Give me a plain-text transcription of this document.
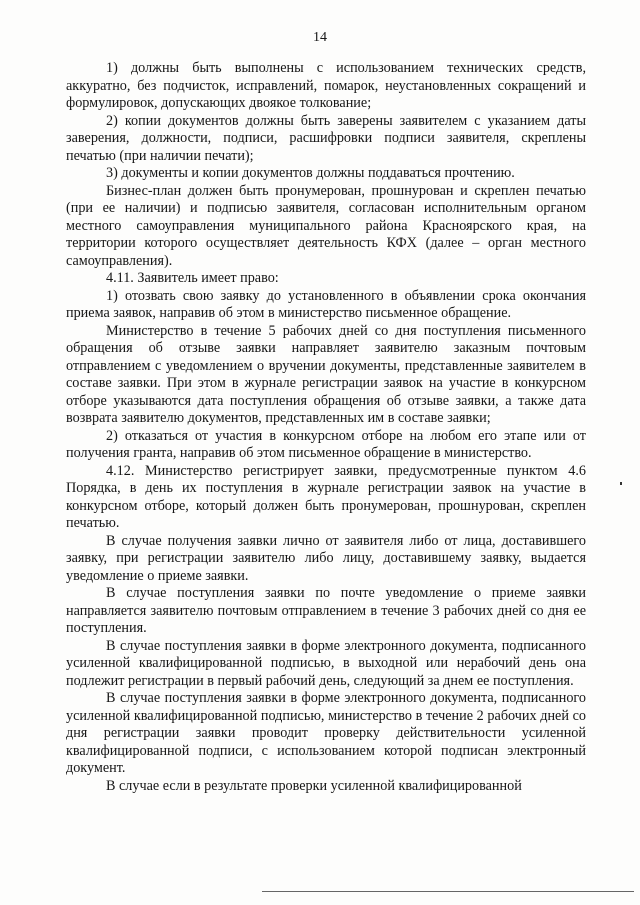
14

1) должны быть выполнены с использованием технических средств, аккуратно, без подчисток, исправлений, помарок, неустановленных сокращений и формулировок, допускающих двоякое толкование;

2) копии документов должны быть заверены заявителем с указанием даты заверения, должности, подписи, расшифровки подписи заявителя, скреплены печатью (при наличии печати);

3) документы и копии документов должны поддаваться прочтению.

Бизнес-план должен быть пронумерован, прошнурован и скреплен печатью (при ее наличии) и подписью заявителя, согласован исполнительным органом местного самоуправления муниципального района Красноярского края, на территории которого осуществляет деятельность КФХ (далее – орган местного самоуправления).

4.11. Заявитель имеет право:

1) отозвать свою заявку до установленного в объявлении срока окончания приема заявок, направив об этом в министерство письменное обращение.

Министерство в течение 5 рабочих дней со дня поступления письменного обращения об отзыве заявки направляет заявителю заказным почтовым отправлением с уведомлением о вручении документы, представленные заявителем в составе заявки. При этом в журнале регистрации заявок на участие в конкурсном отборе указываются дата поступления обращения об отзыве заявки, а также дата возврата заявителю документов, представленных им в составе заявки;

2) отказаться от участия в конкурсном отборе на любом его этапе или от получения гранта, направив об этом письменное обращение в министерство.

4.12. Министерство регистрирует заявки, предусмотренные пунктом 4.6 Порядка, в день их поступления в журнале регистрации заявок на участие в конкурсном отборе, который должен быть пронумерован, прошнурован, скреплен печатью.

В случае получения заявки лично от заявителя либо от лица, доставившего заявку, при регистрации заявителю либо лицу, доставившему заявку, выдается уведомление о приеме заявки.

В случае поступления заявки по почте уведомление о приеме заявки направляется заявителю почтовым отправлением в течение 3 рабочих дней со дня ее поступления.

В случае поступления заявки в форме электронного документа, подписанного усиленной квалифицированной подписью, в выходной или нерабочий день она подлежит регистрации в первый рабочий день, следующий за днем ее поступления.

В случае поступления заявки в форме электронного документа, подписанного усиленной квалифицированной подписью, министерство в течение 2 рабочих дней со дня регистрации заявки проводит проверку действительности усиленной квалифицированной подписи, с использованием которой подписан электронный документ.

В случае если в результате проверки усиленной квалифицированной
